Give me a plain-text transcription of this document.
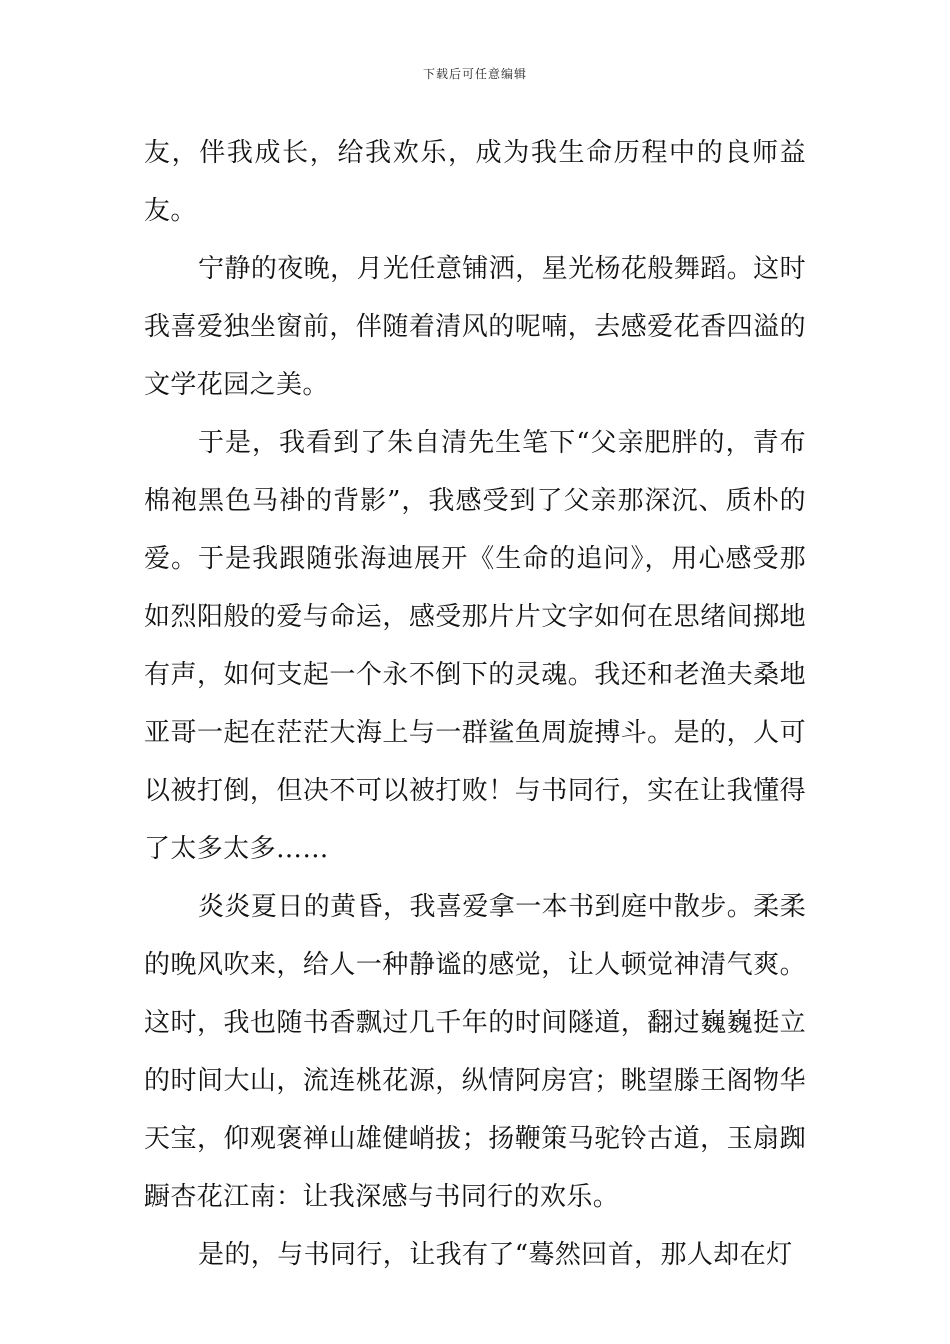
下载后可任意编辑

友，伴我成长，给我欢乐，成为我生命历程中的良师益友。

宁静的夜晚，月光任意铺洒，星光杨花般舞蹈。这时我喜爱独坐窗前，伴随着清风的呢喃，去感爱花香四溢的文学花园之美。

于是，我看到了朱自清先生笔下“父亲肥胖的，青布棉袍黑色马褂的背影”，我感受到了父亲那深沉、质朴的爱。于是我跟随张海迪展开《生命的追问》，用心感受那如烈阳般的爱与命运，感受那片片文字如何在思绪间掷地有声，如何支起一个永不倒下的灵魂。我还和老渔夫桑地亚哥一起在茫茫大海上与一群鲨鱼周旋搏斗。是的，人可以被打倒，但决不可以被打败！与书同行，实在让我懂得了太多太多……

炎炎夏日的黄昏，我喜爱拿一本书到庭中散步。柔柔的晚风吹来，给人一种静谧的感觉，让人顿觉神清气爽。这时，我也随书香飘过几千年的时间隧道，翻过巍巍挺立的时间大山，流连桃花源，纵情阿房宫；眺望滕王阁物华天宝，仰观褒禅山雄健峭拔；扬鞭策马驼铃古道，玉扇踟蹰杏花江南：让我深感与书同行的欢乐。

是的，与书同行，让我有了“蓦然回首，那人却在灯
